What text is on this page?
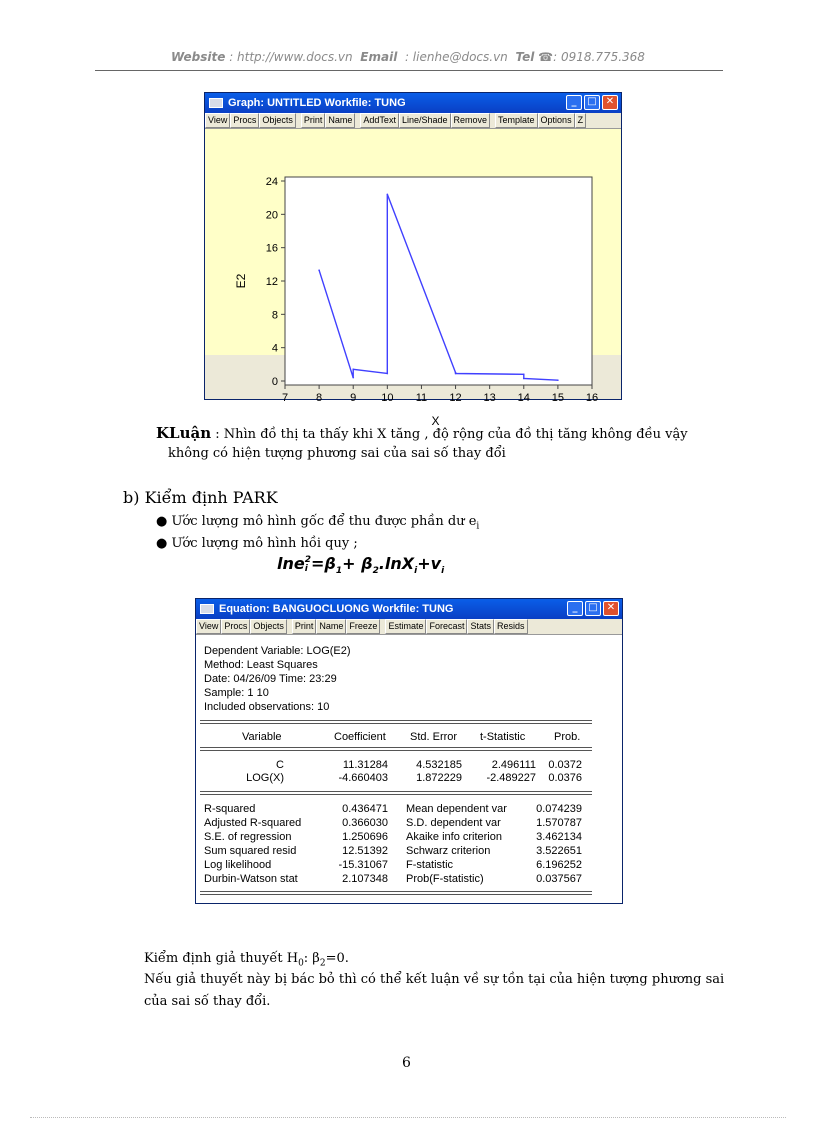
Website : http://www.docs.vn Email : lienhe@docs.vn Tel ☎: 0918.775.368
Graph: UNTITLED Workfile: TUNG	_	□ ✕
View Procs Objects	Print Name	AddText Line/Shade Remove	Template Options Z
0
4
8
12
16
20
24
7	8	9 10 11 12 13 14 15 16
X
E2
KLuận : Nhìn đồ thị ta thấy khi X tăng , độ rộng của đồ thị tăng không đều vậy
không có hiện tượng phương sai của sai số thay đổi
b) Kiểm định PARK
● Ước lượng mô hình gốc để thu được phần dư $e_i$
● Ước lượng mô hình hồi quy ;
lne 2
$i =\beta_1+ \beta_2.\ln X_i+v_i$
Equation: BANGUOCLUONG Workfile: TUNG	_	□ ✕
View Procs Objects	Print Name Freeze	Estimate Forecast Stats Resids
Dependent Variable: LOG(E2)
Method: Least Squares
Date: 04/26/09 Time: 23:29
Sample: 1 10
Included observations: 10
Variable	Coefficient Std. Error t-Statistic	Prob.
C	11.31284	4.532185	2.496111	0.0372
LOG(X)	-4.660403	1.872229	-2.489227	0.0376
R-squared	0.436471 Mean dependent var	0.074239
Adjusted R-squared	0.366030 S.D. dependent var	1.570787
S.E. of regression	1.250696 Akaike info criterion	3.462134
Sum squared resid	12.51392 Schwarz criterion	3.522651
Log likelihood	-15.31067 F-statistic	6.196252
Durbin-Watson stat	2.107348 Prob(F-statistic)	0.037567
Kiểm định giả thuyết $H_0$: $\beta_2=0$.
Nếu giả thuyết này bị bác bỏ thì có thể kết luận về sự tồn tại của hiện tượng phương sai
của sai số thay đổi.
6
